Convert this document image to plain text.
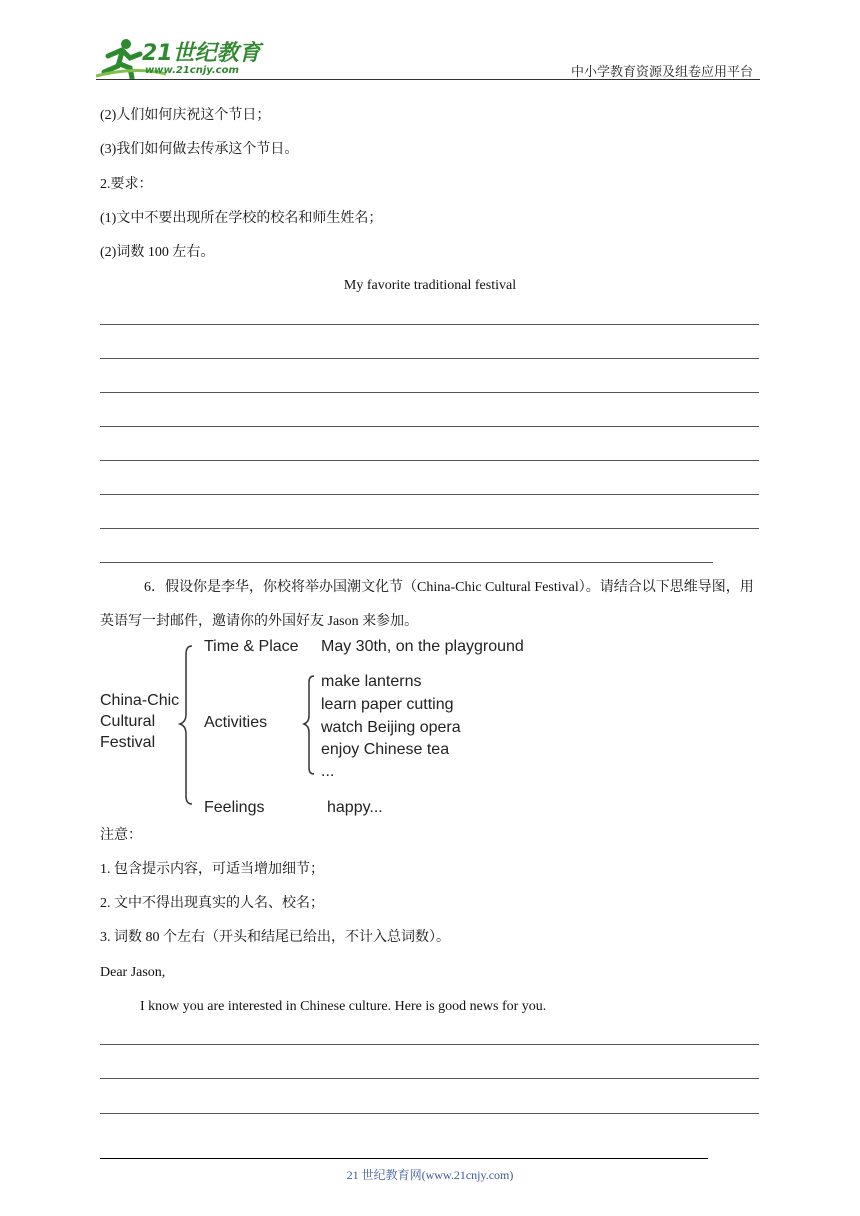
21世纪教育
www.21cnjy.com	中小学教育资源及组卷应用平台
(2)人们如何庆祝这个节日；
(3)我们如何做去传承这个节日。
2.要求：
(1)文中不要出现所在学校的校名和师生姓名；
(2)词数 100 左右。
My favorite traditional festival
6．假设你是李华，你校将举办国潮文化节（China-Chic Cultural Festival）。请结合以下思维导图，用英语写一封邮件，邀请你的外国好友 Jason 来参加。
China-Chic
Cultural
Festival
Time & Place May 30th, on the playground
Activities
make lanterns
learn paper cutting
watch Beijing opera
enjoy Chinese tea
...
Feelings	happy...
注意：
1. 包含提示内容，可适当增加细节；
2. 文中不得出现真实的人名、校名；
3. 词数 80 个左右（开头和结尾已给出，不计入总词数）。
Dear Jason,
I know you are interested in Chinese culture. Here is good news for you.
21 世纪教育网(www.21cnjy.com)
